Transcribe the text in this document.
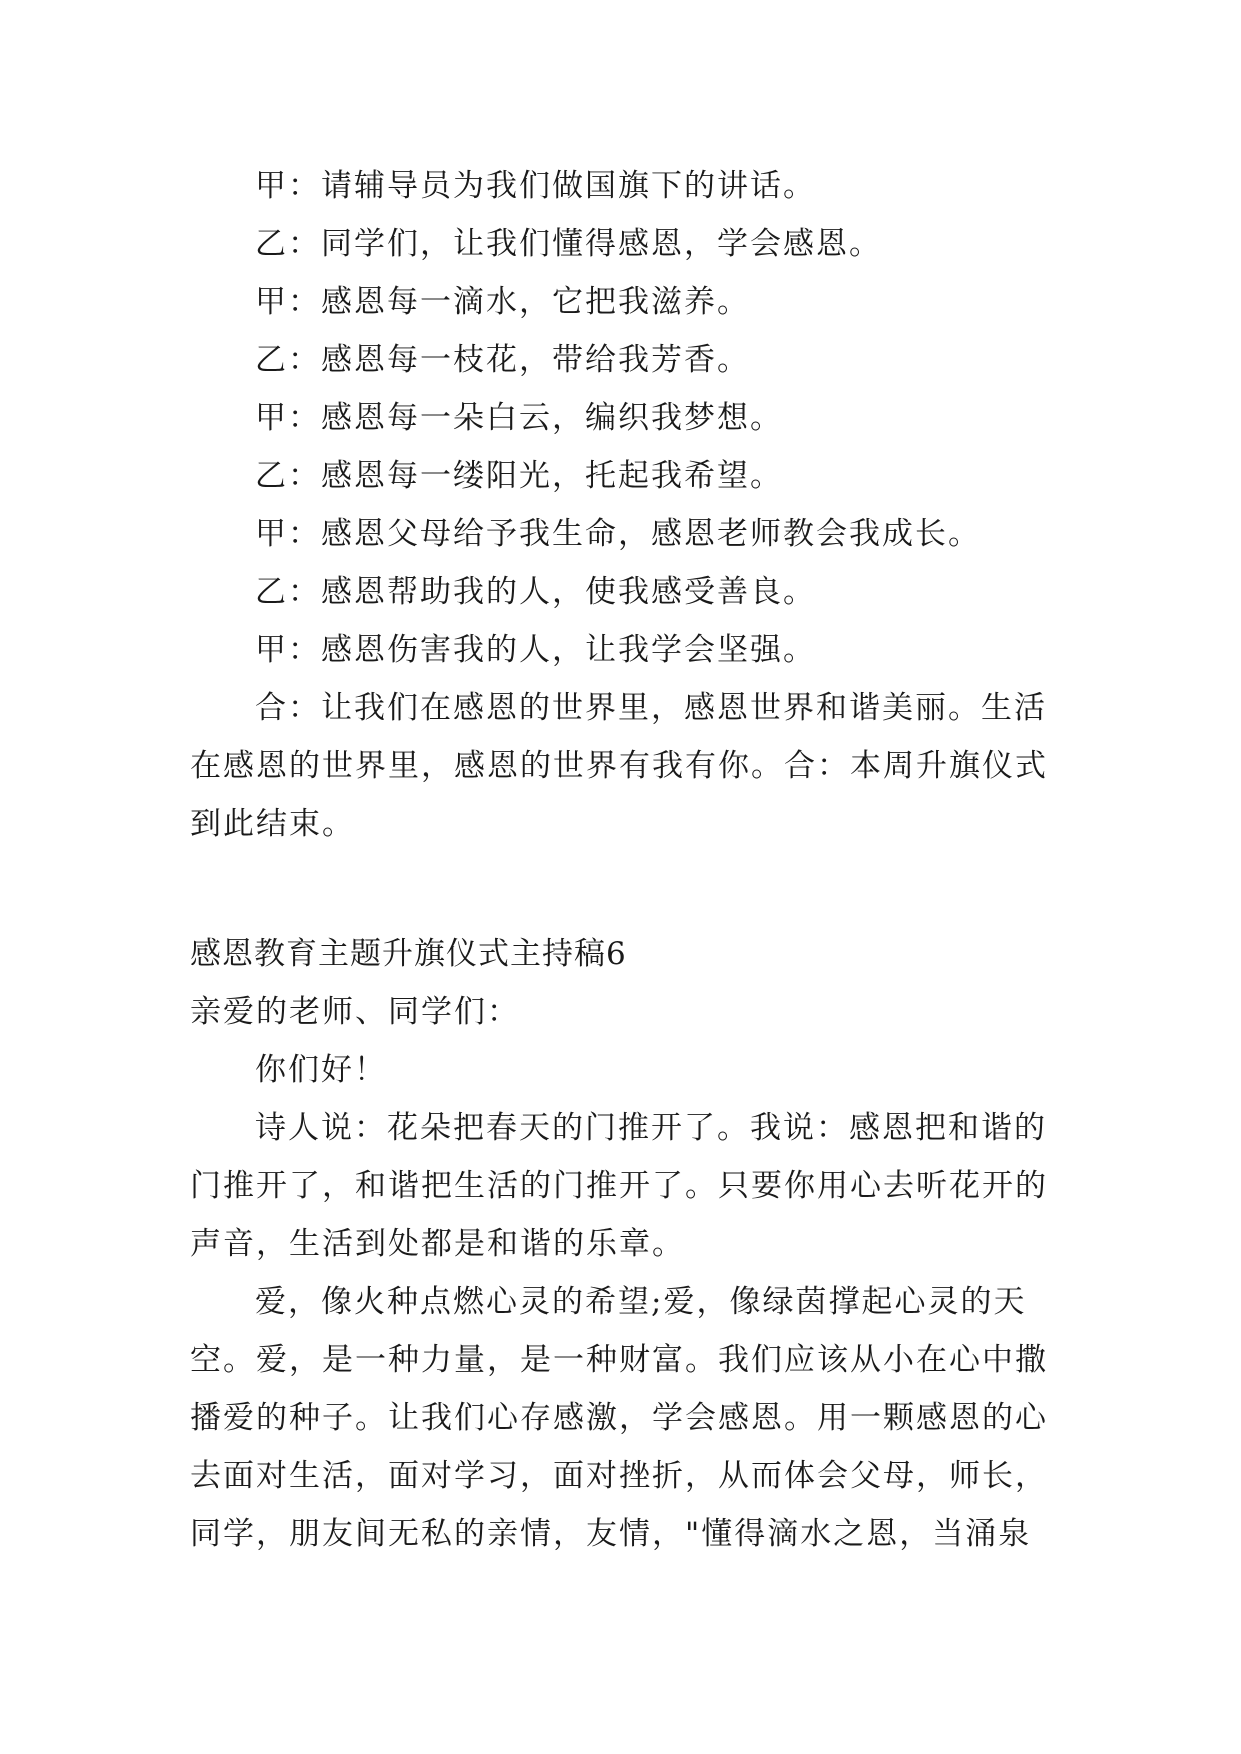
甲：请辅导员为我们做国旗下的讲话。
乙：同学们，让我们懂得感恩，学会感恩。
甲：感恩每一滴水，它把我滋养。
乙：感恩每一枝花，带给我芳香。
甲：感恩每一朵白云，编织我梦想。
乙：感恩每一缕阳光，托起我希望。
甲：感恩父母给予我生命，感恩老师教会我成长。
乙：感恩帮助我的人，使我感受善良。
甲：感恩伤害我的人，让我学会坚强。
合：让我们在感恩的世界里，感恩世界和谐美丽。生活
在感恩的世界里，感恩的世界有我有你。合：本周升旗仪式
到此结束。
感恩教育主题升旗仪式主持稿6
亲爱的老师、同学们：
你们好！
诗人说：花朵把春天的门推开了。我说：感恩把和谐的
门推开了，和谐把生活的门推开了。只要你用心去听花开的
声音，生活到处都是和谐的乐章。
爱，像火种点燃心灵的希望;爱，像绿茵撑起心灵的天
空。爱，是一种力量，是一种财富。我们应该从小在心中撒
播爱的种子。让我们心存感激，学会感恩。用一颗感恩的心
去面对生活，面对学习，面对挫折，从而体会父母，师长，
同学，朋友间无私的亲情，友情，"懂得滴水之恩，当涌泉
